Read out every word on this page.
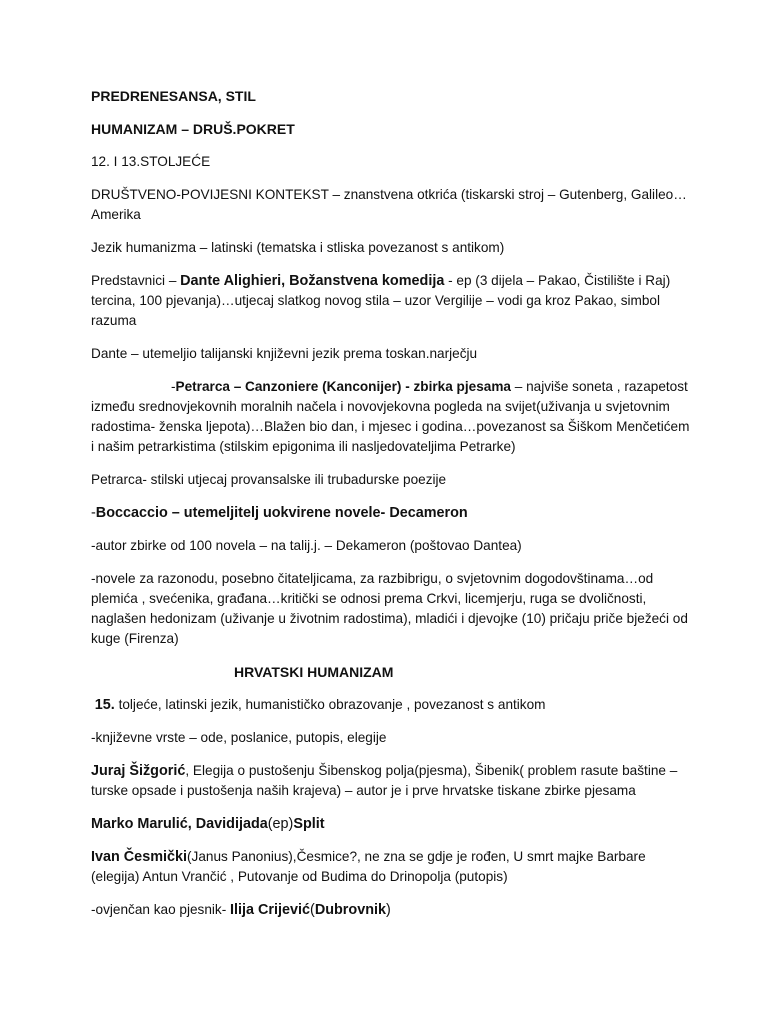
PREDRENESANSA, STIL

HUMANIZAM – DRUŠ.POKRET

12. I 13.STOLJEĆE

DRUŠTVENO-POVIJESNI KONTEKST – znanstvena otkrića (tiskarski stroj – Gutenberg, Galileo…Amerika

Jezik humanizma – latinski (tematska i stliska povezanost s antikom)

Predstavnici – Dante Alighieri, Božanstvena komedija - ep (3 dijela – Pakao, Čistilište i Raj) tercina, 100 pjevanja)…utjecaj slatkog novog stila – uzor Vergilije – vodi ga kroz Pakao, simbol razuma

Dante – utemeljio talijanski književni jezik prema toskan.narječju

-Petrarca – Canzoniere (Kanconijer) - zbirka pjesama – najviše soneta , razapetost između srednovjekovnih moralnih načela i novovjekovna pogleda na svijet(uživanja u svjetovnim radostima- ženska ljepota)…Blažen bio dan, i mjesec i godina…povezanost sa Šiškom Menčetićem i našim petrarkistima (stilskim epigonima ili nasljedovateljima Petrarke)

Petrarca- stilski utjecaj provansalske ili trubadurske poezije

-Boccaccio – utemeljitelj uokvirene novele- Decameron

-autor zbirke od 100 novela – na talij.j. – Dekameron (poštovao Dantea)

-novele za razonodu, posebno čitateljicama, za razbibrigu, o svjetovnim dogodovštinama…od plemića , svećenika, građana…kritički se odnosi prema Crkvi, licemjerju, ruga se dvoličnosti, naglašen hedonizam (uživanje u životnim radostima), mladići i djevojke (10) pričaju priče bježeći od kuge (Firenza)

HRVATSKI HUMANIZAM

15. toljeće, latinski jezik, humanističko obrazovanje , povezanost s antikom

-književne vrste – ode, poslanice, putopis, elegije

Juraj Šižgorić, Elegija o pustošenju Šibenskog polja(pjesma), Šibenik( problem rasute baštine – turske opsade i pustošenja naših krajeva) – autor je i prve hrvatske tiskane zbirke pjesama

Marko Marulić, Davidijada(ep)Split

Ivan Česmički(Janus Panonius),Česmice?, ne zna se gdje je rođen, U smrt majke Barbare (elegija) Antun Vrančić , Putovanje od Budima do Drinopolja (putopis)

-ovjenčan kao pjesnik- Ilija Crijević(Dubrovnik)
